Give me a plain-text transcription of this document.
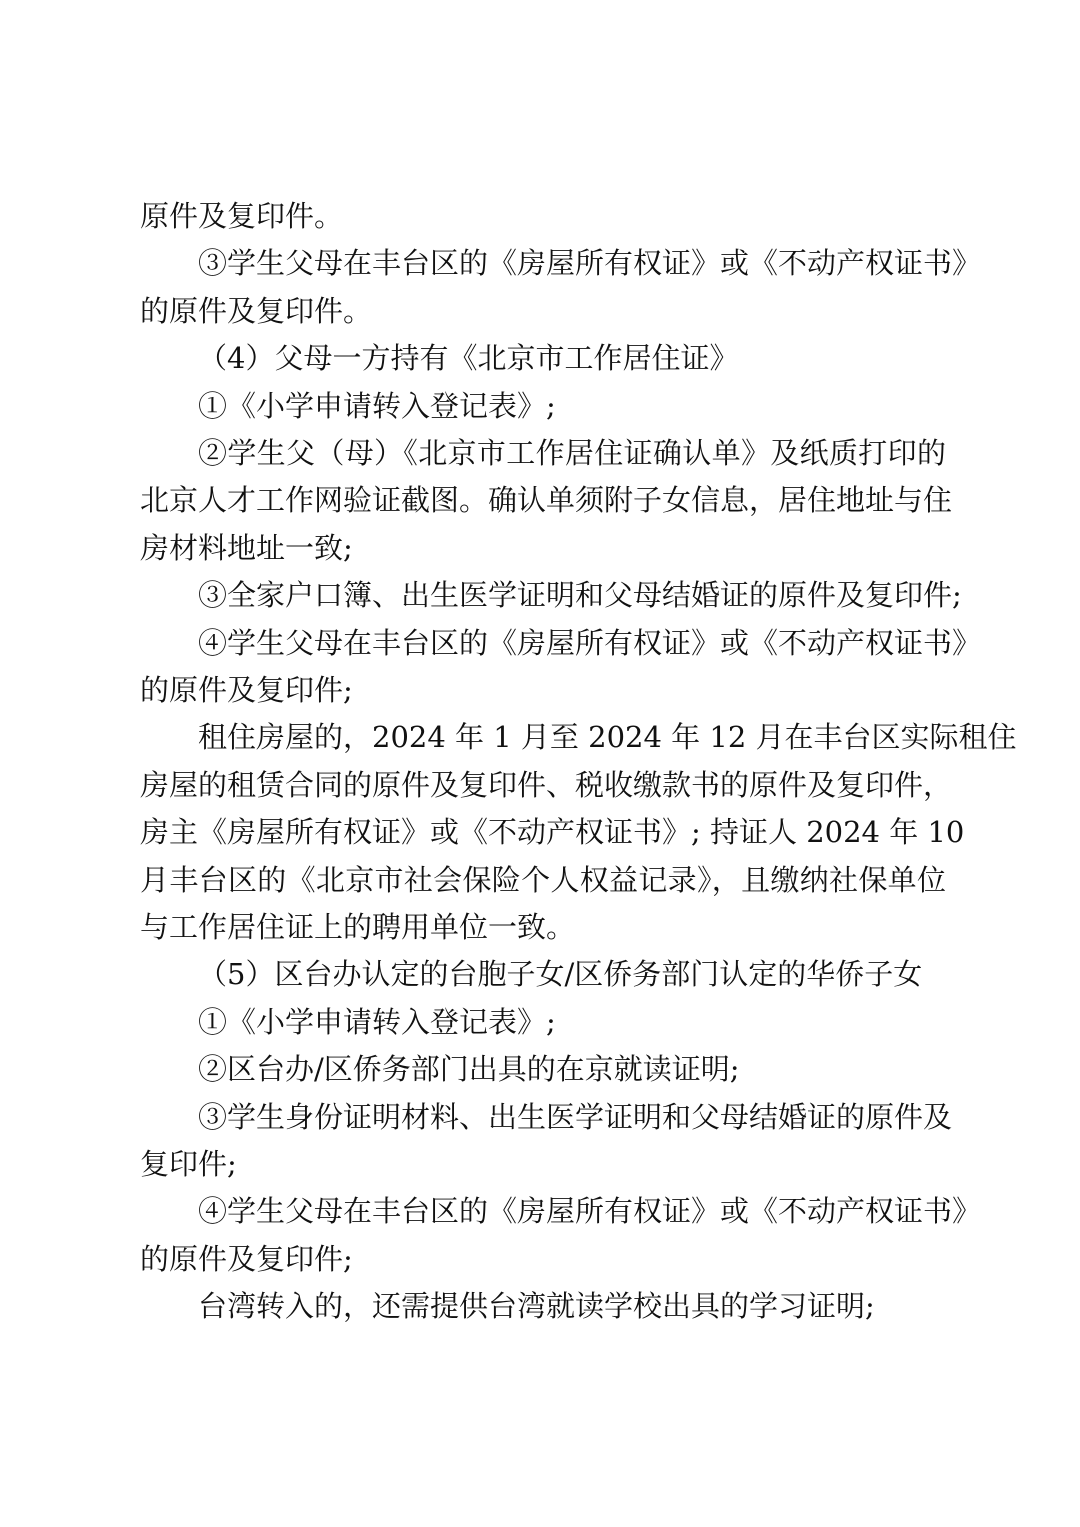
原件及复印件。
③学生父母在丰台区的《房屋所有权证》或《不动产权证书》
的原件及复印件。
（4）父母一方持有《北京市工作居住证》
①《小学申请转入登记表》;
②学生父（母）《北京市工作居住证确认单》及纸质打印的
北京人才工作网验证截图。确认单须附子女信息，居住地址与住
房材料地址一致;
③全家户口簿、出生医学证明和父母结婚证的原件及复印件;
④学生父母在丰台区的《房屋所有权证》或《不动产权证书》
的原件及复印件;
租住房屋的，2024 年 1 月至 2024 年 12 月在丰台区实际租住
房屋的租赁合同的原件及复印件、税收缴款书的原件及复印件，
房主《房屋所有权证》或《不动产权证书》; 持证人 2024 年 10
月丰台区的《北京市社会保险个人权益记录》，且缴纳社保单位
与工作居住证上的聘用单位一致。
（5）区台办认定的台胞子女/区侨务部门认定的华侨子女
①《小学申请转入登记表》;
②区台办/区侨务部门出具的在京就读证明;
③学生身份证明材料、出生医学证明和父母结婚证的原件及
复印件;
④学生父母在丰台区的《房屋所有权证》或《不动产权证书》
的原件及复印件;
台湾转入的，还需提供台湾就读学校出具的学习证明;
